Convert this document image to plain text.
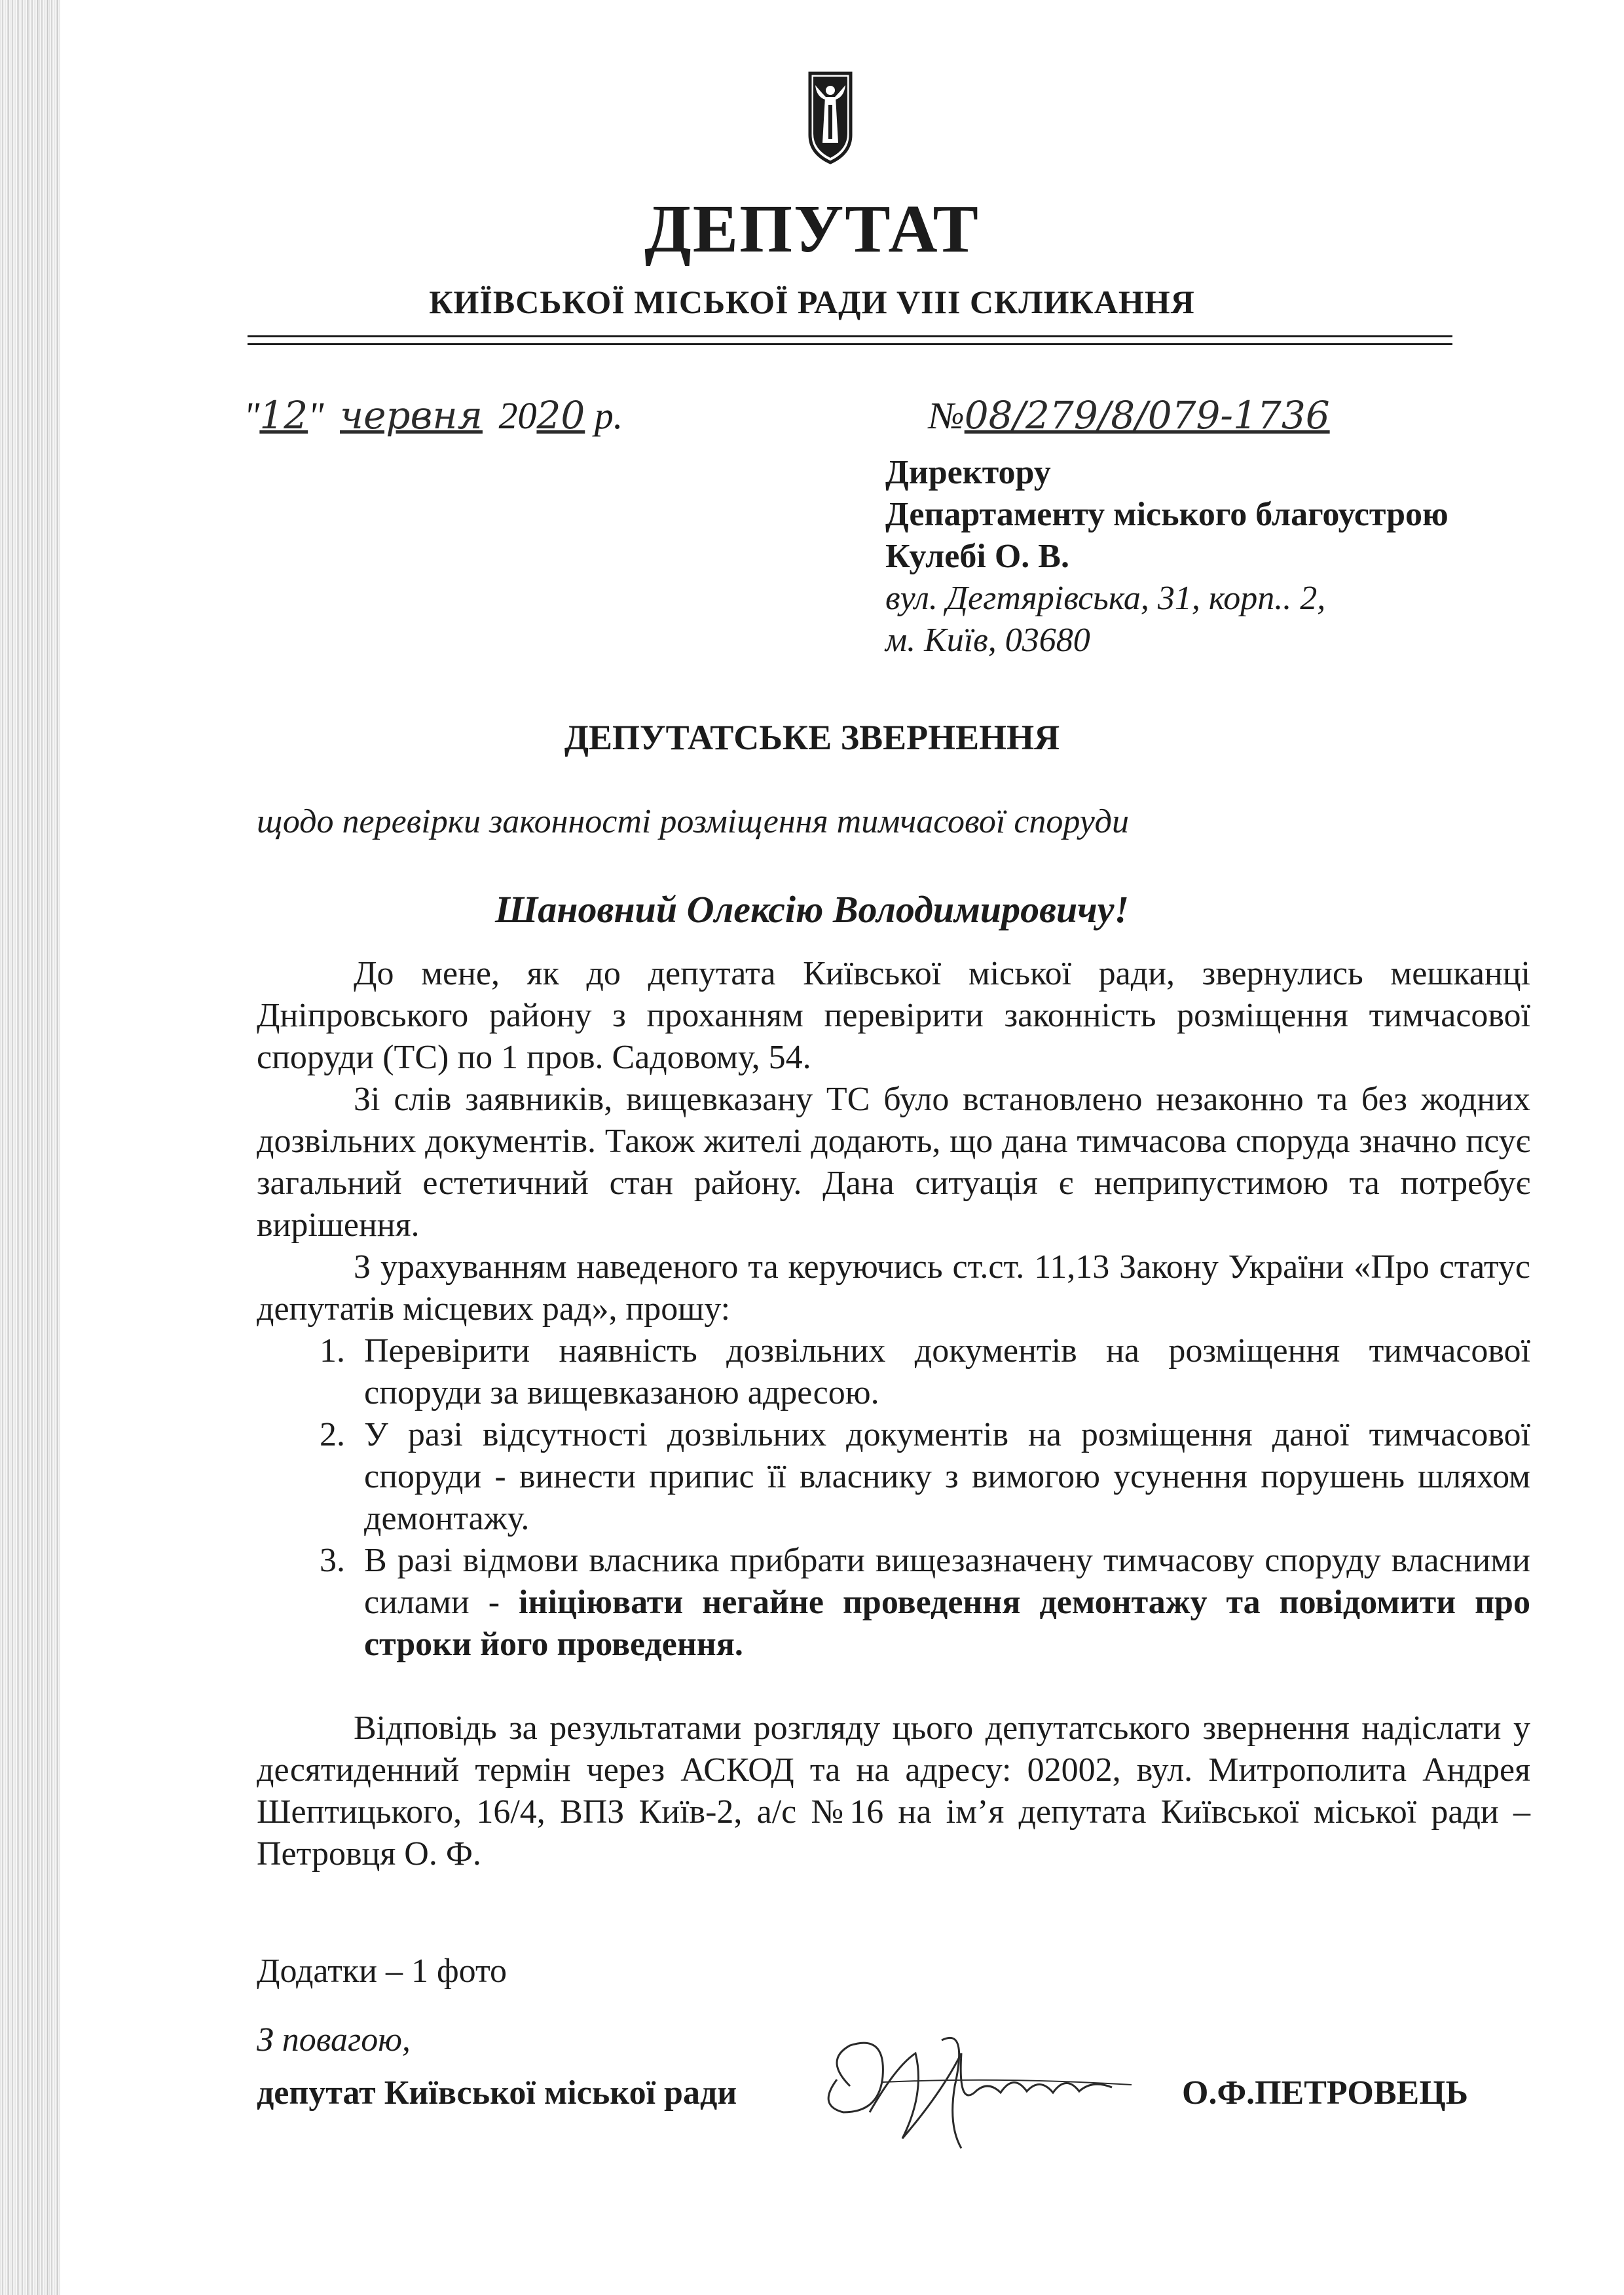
ДЕПУТАТ
КИЇВСЬКОЇ МІСЬКОЇ РАДИ VIII СКЛИКАННЯ
"12" червня 2020 р.	№08/279/8/079-1736
Директору
Департаменту міського благоустрою
Кулебі О. В.
вул. Дегтярівська, 31, корп.. 2,
м. Київ, 03680
ДЕПУТАТСЬКЕ ЗВЕРНЕННЯ
щодо перевірки законності розміщення тимчасової споруди
Шановний Олексію Володимировичу!

До мене, як до депутата Київської міської ради, звернулись мешканці Дніпровського району з проханням перевірити законність розміщення тимчасової споруди (ТС) по 1 пров. Садовому, 54.

Зі слів заявників, вищевказану ТС було встановлено незаконно та без жодних дозвільних документів. Також жителі додають, що дана тимчасова споруда значно псує загальний естетичний стан району. Дана ситуація є неприпустимою та потребує вирішення.

З урахуванням наведеного та керуючись ст.ст. 11,13 Закону України «Про статус депутатів місцевих рад», прошу:

1. Перевірити наявність дозвільних документів на розміщення тимчасової споруди за вищевказаною адресою.
2. У разі відсутності дозвільних документів на розміщення даної тимчасової споруди - винести припис її власнику з вимогою усунення порушень шляхом демонтажу.
3. В разі відмови власника прибрати вищезазначену тимчасову споруду власними силами - ініціювати негайне проведення демонтажу та повідомити про строки його проведення.

Відповідь за результатами розгляду цього депутатського звернення надіслати у десятиденний термін через АСКОД та на адресу: 02002, вул. Митрополита Андрея Шептицького, 16/4, ВПЗ Київ-2, а/с №16 на ім’я депутата Київської міської ради – Петровця О. Ф.

Додатки – 1 фото
З повагою,
депутат Київської міської ради	О.Ф.ПЕТРОВЕЦЬ
